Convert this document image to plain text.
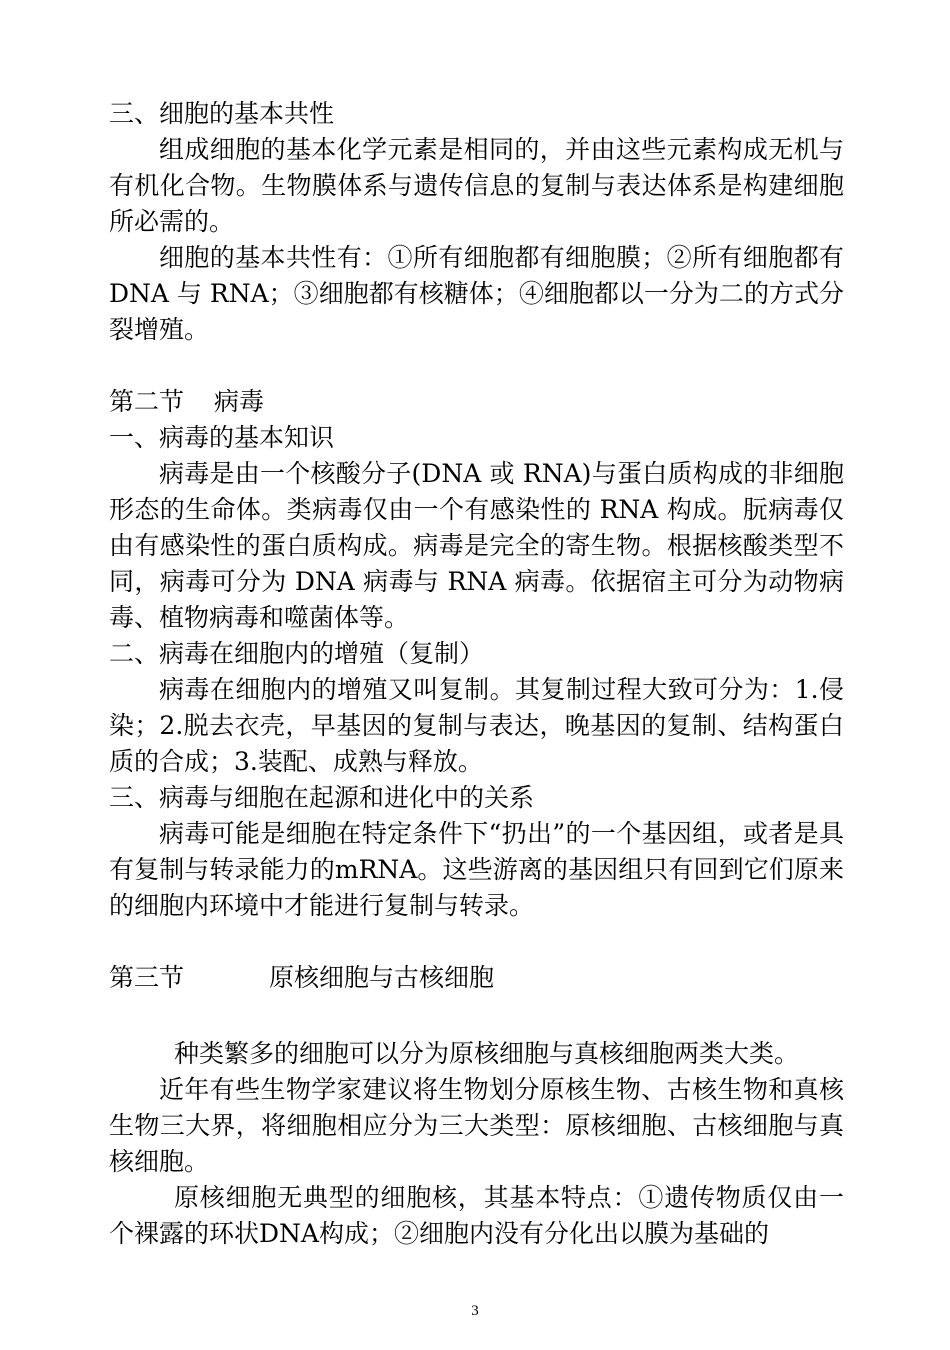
三、细胞的基本共性

组成细胞的基本化学元素是相同的，并由这些元素构成无机与有机化合物。生物膜体系与遗传信息的复制与表达体系是构建细胞所必需的。

细胞的基本共性有：①所有细胞都有细胞膜；②所有细胞都有 DNA 与 RNA；③细胞都有核糖体；④细胞都以一分为二的方式分裂增殖。

第二节 病毒

一、病毒的基本知识

病毒是由一个核酸分子(DNA 或 RNA)与蛋白质构成的非细胞形态的生命体。类病毒仅由一个有感染性的 RNA 构成。朊病毒仅由有感染性的蛋白质构成。病毒是完全的寄生物。根据核酸类型不同，病毒可分为 DNA 病毒与 RNA 病毒。依据宿主可分为动物病毒、植物病毒和噬菌体等。

二、病毒在细胞内的增殖（复制）

病毒在细胞内的增殖又叫复制。其复制过程大致可分为：1.侵染；2.脱去衣壳，早基因的复制与表达，晚基因的复制、结构蛋白质的合成；3.装配、成熟与释放。

三、病毒与细胞在起源和进化中的关系

病毒可能是细胞在特定条件下“扔出”的一个基因组，或者是具有复制与转录能力的mRNA。这些游离的基因组只有回到它们原来的细胞内环境中才能进行复制与转录。

第三节	原核细胞与古核细胞

种类繁多的细胞可以分为原核细胞与真核细胞两类大类。

近年有些生物学家建议将生物划分原核生物、古核生物和真核生物三大界，将细胞相应分为三大类型：原核细胞、古核细胞与真核细胞。

原核细胞无典型的细胞核，其基本特点：①遗传物质仅由一个裸露的环状DNA构成；②细胞内没有分化出以膜为基础的

3
